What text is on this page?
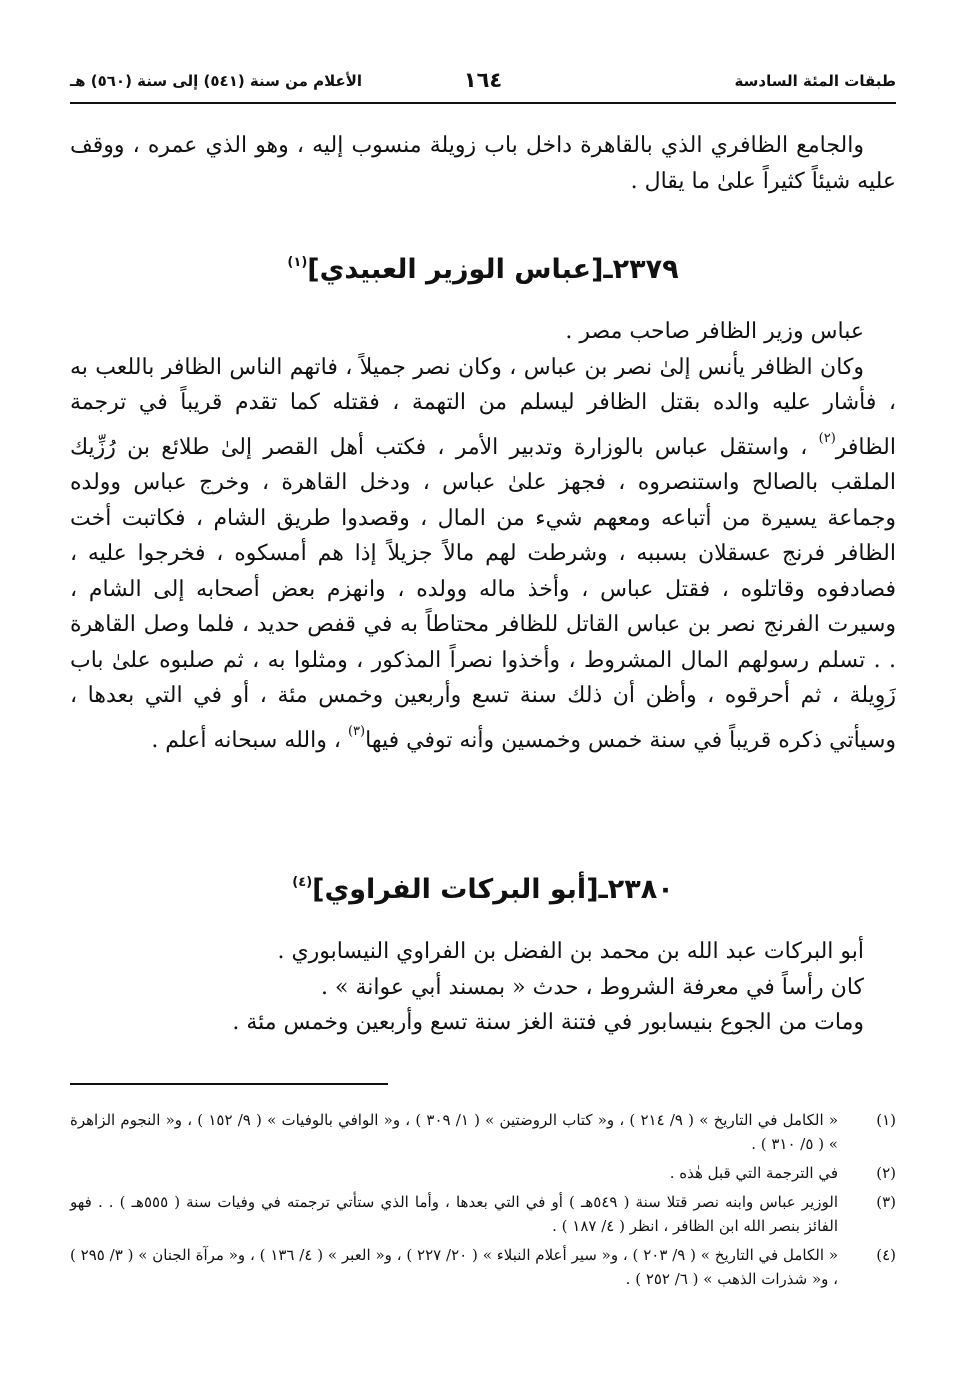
طبقات المئة السادسة
١٦٤
الأعلام من سنة (٥٤١) إلى سنة (٥٦٠) هـ

والجامع الظافري الذي بالقاهرة داخل باب زويلة منسوب إليه ، وهو الذي عمره ، ووقف عليه شيئاً كثيراً علىٰ ما يقال .

٢٣٧٩ـ[عباس الوزير العبيدي]$^{(١)}$

عباس وزير الظافر صاحب مصر .

وكان الظافر يأنس إلىٰ نصر بن عباس ، وكان نصر جميلاً ، فاتهم الناس الظافر باللعب به ، فأشار عليه والده بقتل الظافر ليسلم من التهمة ، فقتله كما تقدم قريباً في ترجمة الظافر$^{(٢)}$ ، واستقل عباس بالوزارة وتدبير الأمر ، فكتب أهل القصر إلىٰ طلائع بن رُزِّيك الملقب بالصالح واستنصروه ، فجهز علىٰ عباس ، ودخل القاهرة ، وخرج عباس وولده وجماعة يسيرة من أتباعه ومعهم شيء من المال ، وقصدوا طريق الشام ، فكاتبت أخت الظافر فرنج عسقلان بسببه ، وشرطت لهم مالاً جزيلاً إذا هم أمسكوه ، فخرجوا عليه ، فصادفوه وقاتلوه ، فقتل عباس ، وأخذ ماله وولده ، وانهزم بعض أصحابه إلى الشام ، وسيرت الفرنج نصر بن عباس القاتل للظافر محتاطاً به في قفص حديد ، فلما وصل القاهرة . . تسلم رسولهم المال المشروط ، وأخذوا نصراً المذكور ، ومثلوا به ، ثم صلبوه علىٰ باب زَوِيلة ، ثم أحرقوه ، وأظن أن ذلك سنة تسع وأربعين وخمس مئة ، أو في التي بعدها ، وسيأتي ذكره قريباً في سنة خمس وخمسين وأنه توفي فيها$^{(٣)}$ ، والله سبحانه أعلم .

٢٣٨٠ـ[أبو البركات الفراوي]$^{(٤)}$

أبو البركات عبد الله بن محمد بن الفضل بن الفراوي النيسابوري .

كان رأساً في معرفة الشروط ، حدث « بمسند أبي عوانة » .

ومات من الجوع بنيسابور في فتنة الغز سنة تسع وأربعين وخمس مئة .

(١)
« الكامل في التاريخ » ( ٩/ ٢١٤ ) ، و« كتاب الروضتين » ( ١/ ٣٠٩ ) ، و« الوافي بالوفيات » ( ٩/ ١٥٢ ) ، و« النجوم الزاهرة » ( ٥/ ٣١٠ ) .
(٢)
في الترجمة التي قبل هٰذه .
(٣)
الوزير عباس وابنه نصر قتلا سنة ( ٥٤٩هـ ) أو في التي بعدها ، وأما الذي ستأتي ترجمته في وفيات سنة ( ٥٥٥هـ ) . . فهو الفائز بنصر الله ابن الظافر ، انظر ( ٤/ ١٨٧ ) .
(٤)
« الكامل في التاريخ » ( ٩/ ٢٠٣ ) ، و« سير أعلام النبلاء » ( ٢٠/ ٢٢٧ ) ، و« العبر » ( ٤/ ١٣٦ ) ، و« مرآة الجنان » ( ٣/ ٢٩٥ ) ، و« شذرات الذهب » ( ٦/ ٢٥٢ ) .
